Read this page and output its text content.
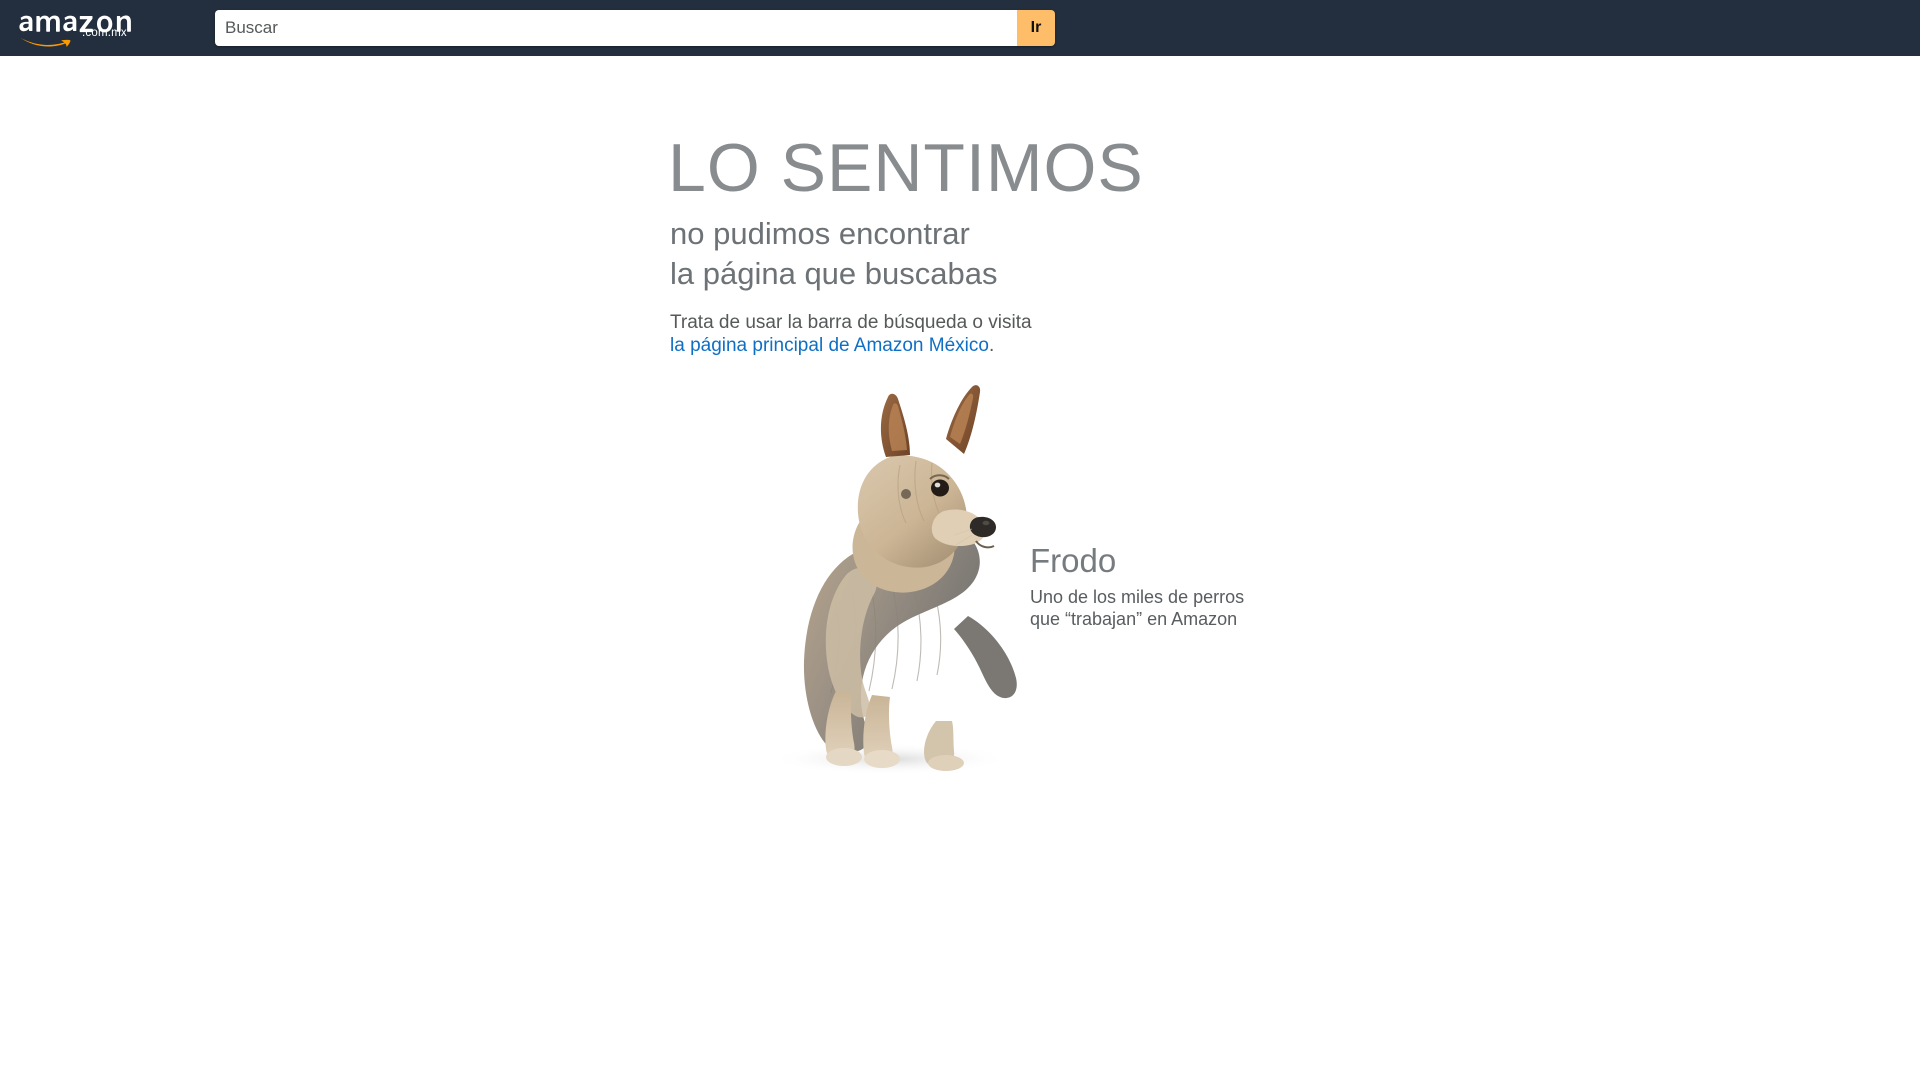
.com.mx
Buscar	Ir
LO SENTIMOS
no pudimos encontrar
la página que buscabas
Trata de usar la barra de búsqueda o visita
la página principal de Amazon México.
Frodo
Uno de los miles de perros
que “trabajan” en Amazon
